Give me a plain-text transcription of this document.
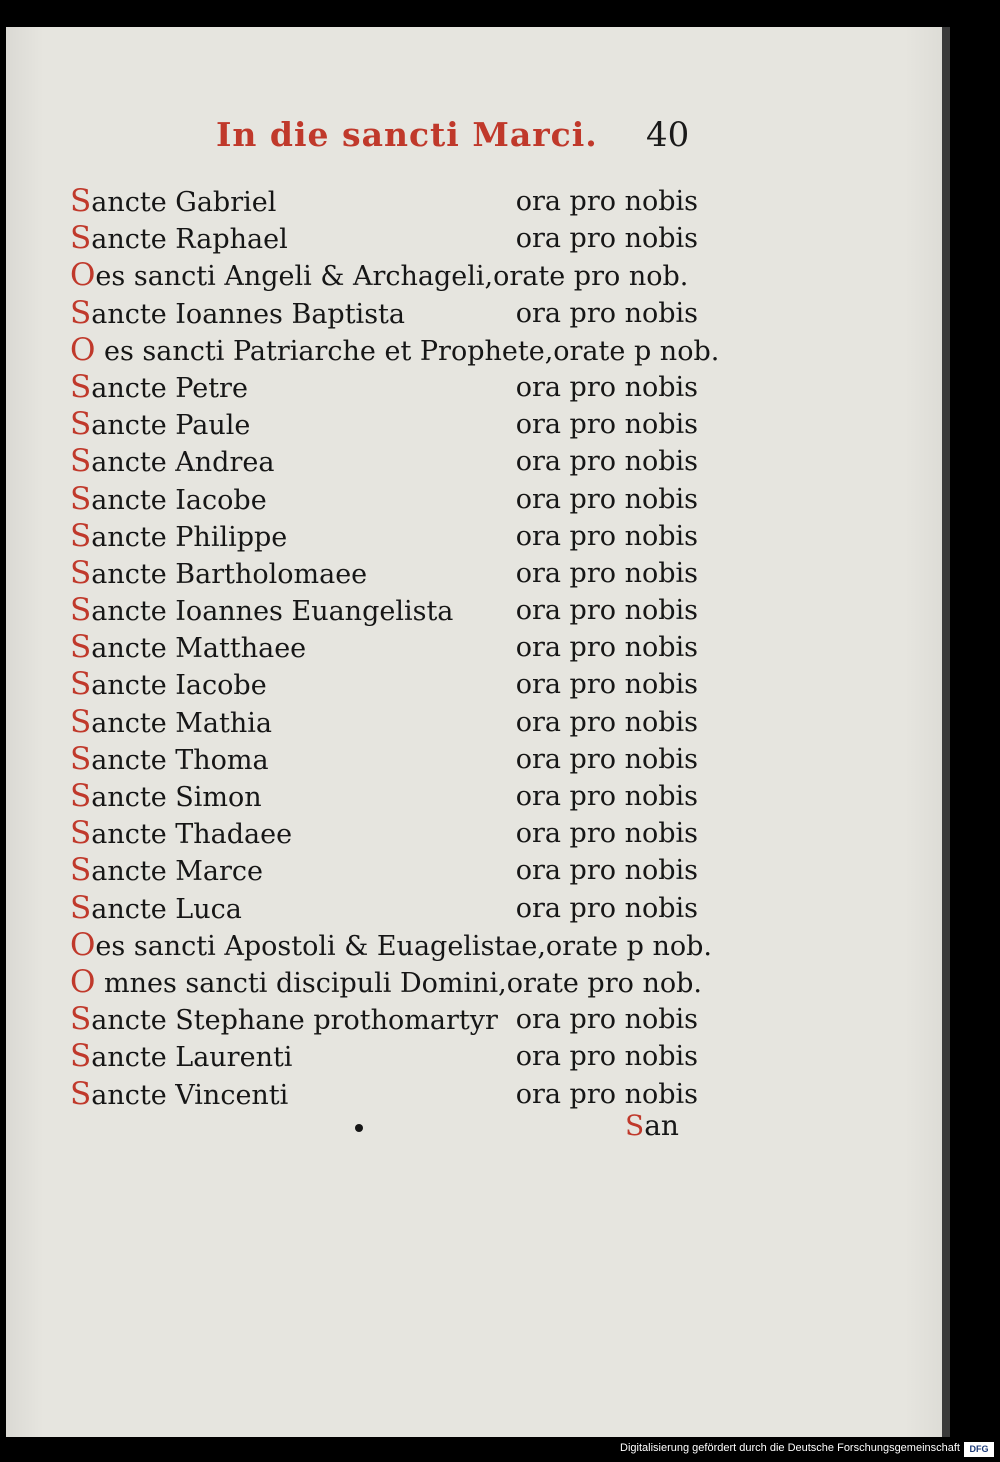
In die sancti Marci. 40
Sancte Gabriel	ora pro nobis
Sancte Raphael	ora pro nobis
Oes sancti Angeli & Archageli,orate pro nob.
Sancte Ioannes Baptista	ora pro nobis
O es sancti Patriarche et Prophete,orate p nob.
Sancte Petre	ora pro nobis
Sancte Paule	ora pro nobis
Sancte Andrea	ora pro nobis
Sancte Iacobe	ora pro nobis
Sancte Philippe	ora pro nobis
Sancte Bartholomaee	ora pro nobis
Sancte Ioannes Euangelista ora pro nobis
Sancte Matthaee	ora pro nobis
Sancte Iacobe	ora pro nobis
Sancte Mathia	ora pro nobis
Sancte Thoma	ora pro nobis
Sancte Simon	ora pro nobis
Sancte Thadaee	ora pro nobis
Sancte Marce	ora pro nobis
Sancte Luca	ora pro nobis
Oes sancti Apostoli & Euagelistae,orate p nob.
O mnes sancti discipuli Domini,orate pro nob.
Sancte Stephane prothomartyr ora pro nobis
Sancte Laurenti	ora pro nobis
Sancte Vincenti	ora pro nobis
San
Digitalisierung gefördert durch die Deutsche Forschungsgemeinschaft	DFG
